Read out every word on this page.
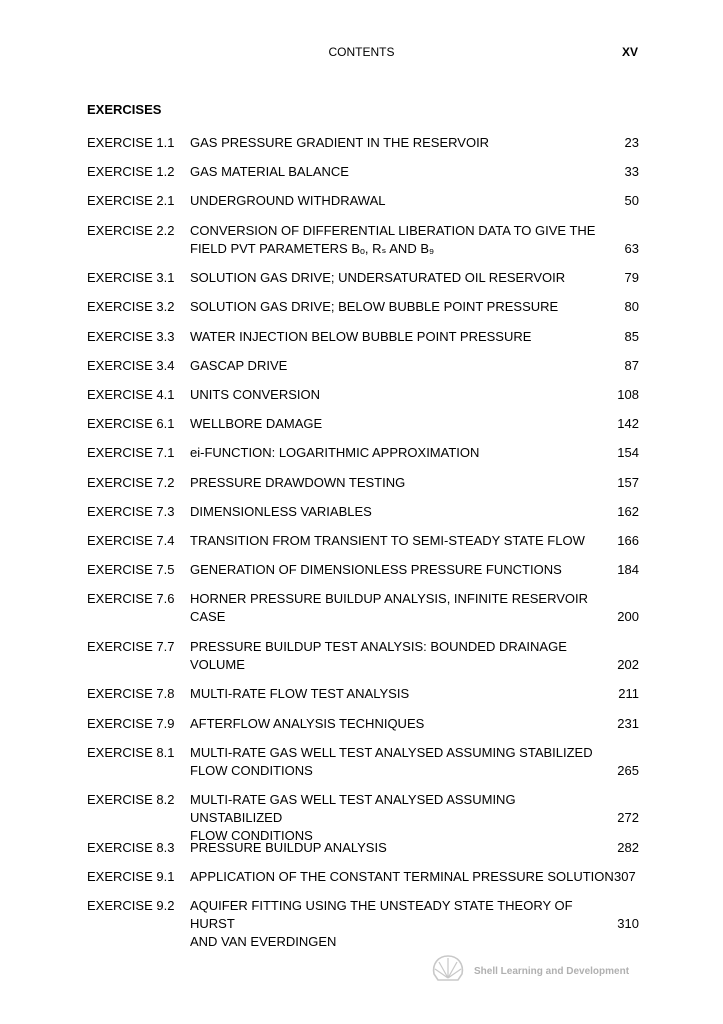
CONTENTS	XV
EXERCISES
EXERCISE 1.1 GAS PRESSURE GRADIENT IN THE RESERVOIR	23
EXERCISE 1.2 GAS MATERIAL BALANCE	33
EXERCISE 2.1 UNDERGROUND WITHDRAWAL	50
EXERCISE 2.2 CONVERSION OF DIFFERENTIAL LIBERATION DATA TO GIVE THE
FIELD PVT PARAMETERS Bₒ, Rₛ AND B₉	63
EXERCISE 3.1 SOLUTION GAS DRIVE; UNDERSATURATED OIL RESERVOIR	79
EXERCISE 3.2 SOLUTION GAS DRIVE; BELOW BUBBLE POINT PRESSURE	80
EXERCISE 3.3 WATER INJECTION BELOW BUBBLE POINT PRESSURE	85
EXERCISE 3.4 GASCAP DRIVE	87
EXERCISE 4.1 UNITS CONVERSION	108
EXERCISE 6.1 WELLBORE DAMAGE	142
EXERCISE 7.1 ei-FUNCTION: LOGARITHMIC APPROXIMATION	154
EXERCISE 7.2 PRESSURE DRAWDOWN TESTING	157
EXERCISE 7.3 DIMENSIONLESS VARIABLES	162
EXERCISE 7.4 TRANSITION FROM TRANSIENT TO SEMI-STEADY STATE FLOW 166
EXERCISE 7.5 GENERATION OF DIMENSIONLESS PRESSURE FUNCTIONS	184
EXERCISE 7.6 HORNER PRESSURE BUILDUP ANALYSIS, INFINITE RESERVOIR
CASE	200
EXERCISE 7.7 PRESSURE BUILDUP TEST ANALYSIS: BOUNDED DRAINAGE
VOLUME	202
EXERCISE 7.8 MULTI-RATE FLOW TEST ANALYSIS	211
EXERCISE 7.9 AFTERFLOW ANALYSIS TECHNIQUES	231
EXERCISE 8.1 MULTI-RATE GAS WELL TEST ANALYSED ASSUMING STABILIZED
FLOW CONDITIONS	265
EXERCISE 8.2 MULTI-RATE GAS WELL TEST ANALYSED ASSUMING UNSTABILIZED
FLOW CONDITIONS
272
EXERCISE 8.3 PRESSURE BUILDUP ANALYSIS	282
EXERCISE 9.1 APPLICATION OF THE CONSTANT TERMINAL PRESSURE SOLUTION 307
EXERCISE 9.2 AQUIFER FITTING USING THE UNSTEADY STATE THEORY OF HURST
AND VAN EVERDINGEN
310
Shell Learning and Development
